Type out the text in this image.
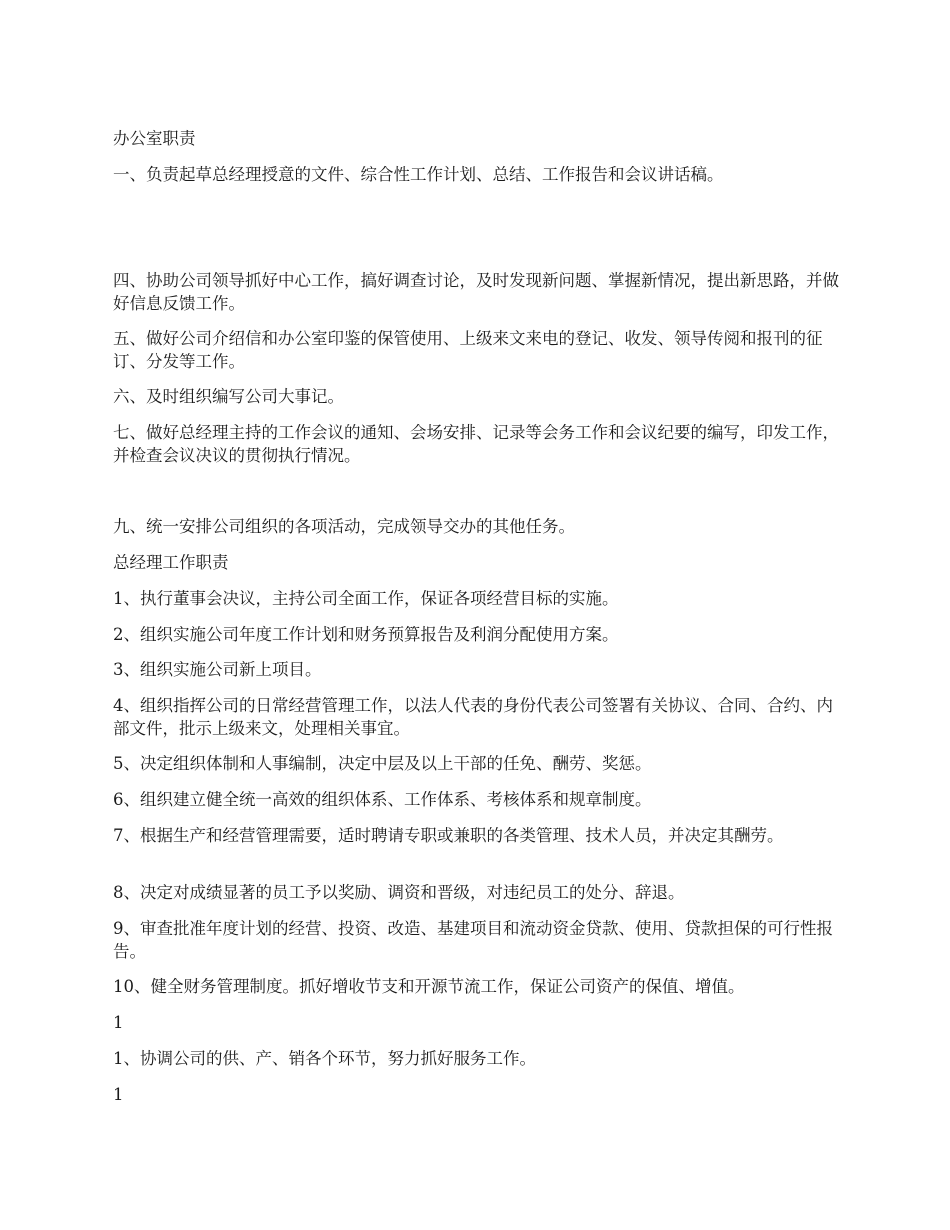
办公室职责

一、负责起草总经理授意的文件、综合性工作计划、总结、工作报告和会议讲话稿。

四、协助公司领导抓好中心工作，搞好调查讨论，及时发现新问题、掌握新情况，提出新思路，并做好信息反馈工作。

五、做好公司介绍信和办公室印鉴的保管使用、上级来文来电的登记、收发、领导传阅和报刊的征订、分发等工作。

六、及时组织编写公司大事记。

七、做好总经理主持的工作会议的通知、会场安排、记录等会务工作和会议纪要的编写，印发工作，并检查会议决议的贯彻执行情况。

九、统一安排公司组织的各项活动，完成领导交办的其他任务。

总经理工作职责

1、执行董事会决议，主持公司全面工作，保证各项经营目标的实施。

2、组织实施公司年度工作计划和财务预算报告及利润分配使用方案。

3、组织实施公司新上项目。

4、组织指挥公司的日常经营管理工作，以法人代表的身份代表公司签署有关协议、合同、合约、内部文件，批示上级来文，处理相关事宜。

5、决定组织体制和人事编制，决定中层及以上干部的任免、酬劳、奖惩。

6、组织建立健全统一高效的组织体系、工作体系、考核体系和规章制度。

7、根据生产和经营管理需要，适时聘请专职或兼职的各类管理、技术人员，并决定其酬劳。

8、决定对成绩显著的员工予以奖励、调资和晋级，对违纪员工的处分、辞退。

9、审查批准年度计划的经营、投资、改造、基建项目和流动资金贷款、使用、贷款担保的可行性报告。

10、健全财务管理制度。抓好增收节支和开源节流工作，保证公司资产的保值、增值。

1

1、协调公司的供、产、销各个环节，努力抓好服务工作。

1
